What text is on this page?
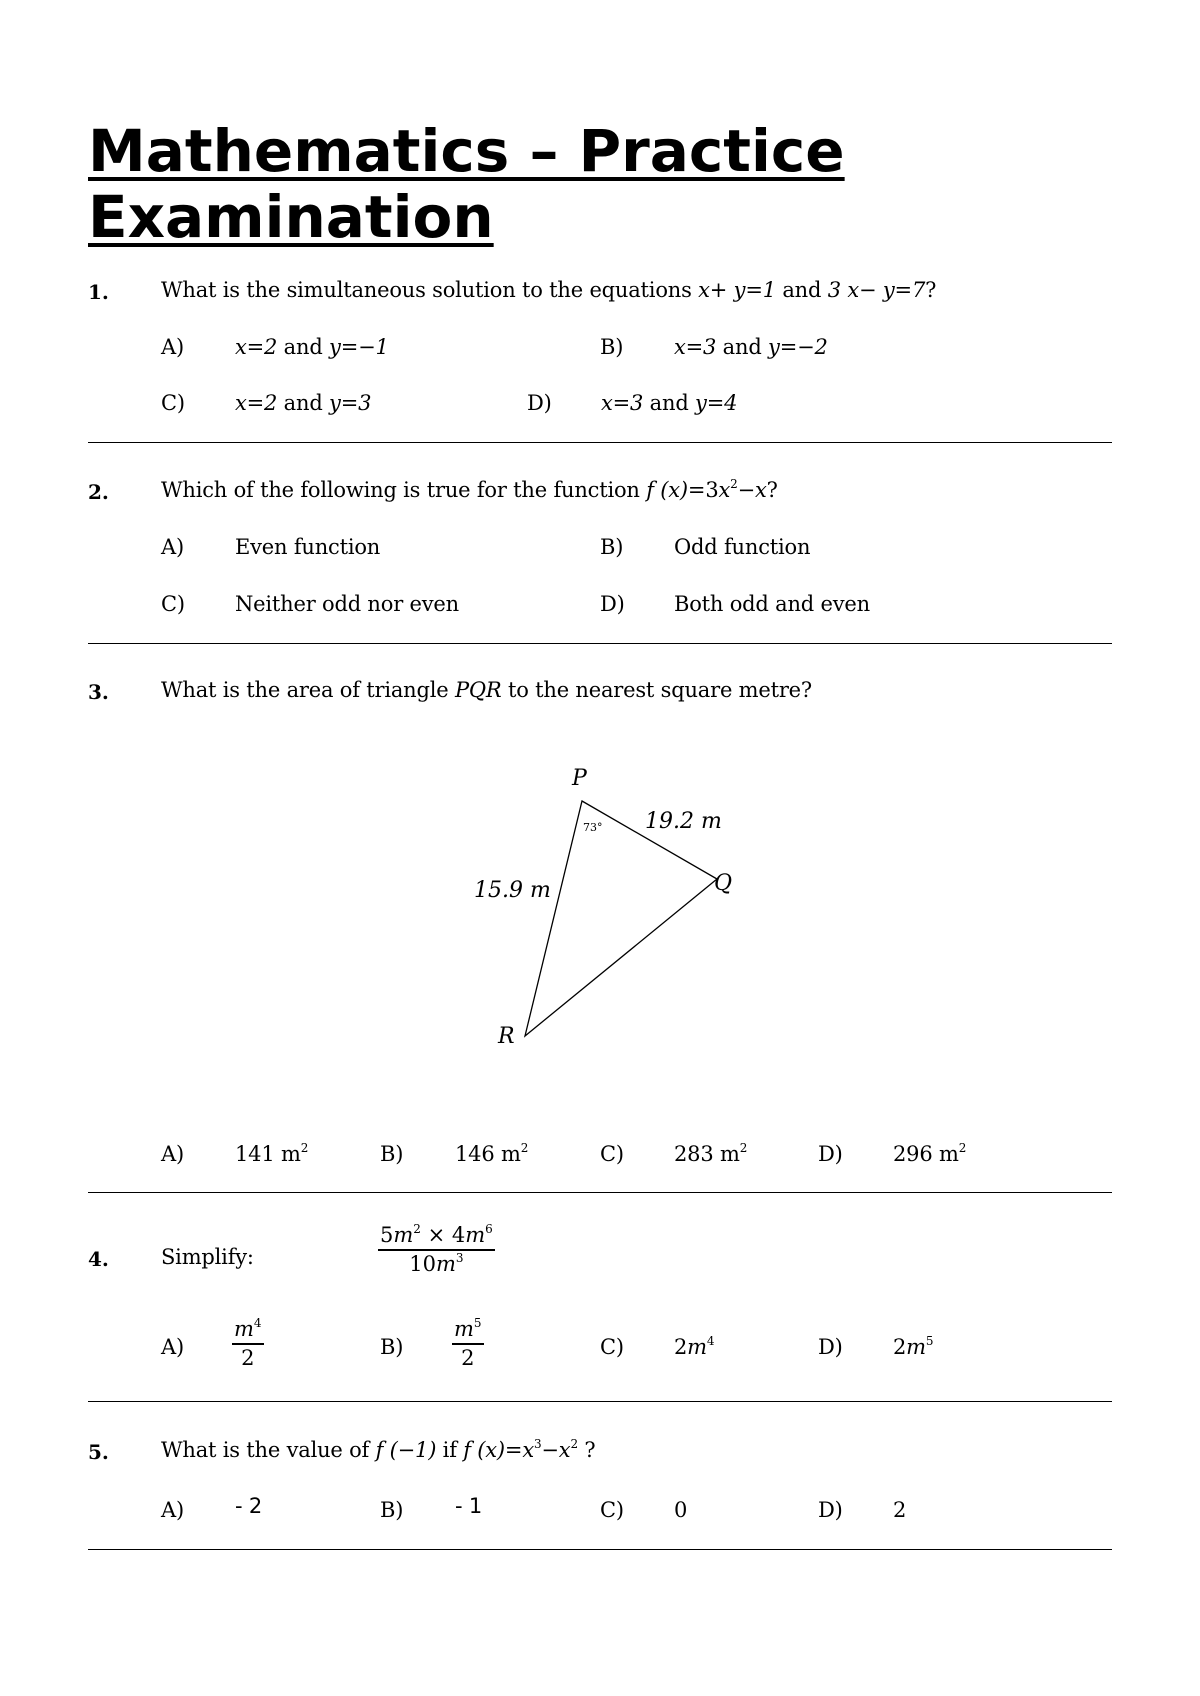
Mathematics – Practice
Examination
1. What is the simultaneous solution to the equations x+ y=1 and 3 x− y=7?
A) x=2 and y=−1	B) x=3 and y=−2
C) x=2 and y=3	D) x=3 and y=4
2. Which of the following is true for the function f $(x)=3x^2-x$?
A) Even function	B) Odd function
C) Neither odd nor even	D) Both odd and even
3. What is the area of triangle PQR to the nearest square metre?
P
Q
R
73° 19.2 m
15.9 m
A) 141 $m^2$	B) 146 $m^2$	C) 283 $m^2$	D) 296 $m^2$
4. Simplify:	$\frac{5m^2 \times 4m^6}{10m^3}$
$A) \frac{m^4}{2}$	$B) \frac{m^5}{2}$	C) $2m^4$	D) $2m^5$
5. What is the value of f (−1) if f $(x)=x^3-x^2$ ?
A) - 2	B) - 1	C) 0	D) 2
